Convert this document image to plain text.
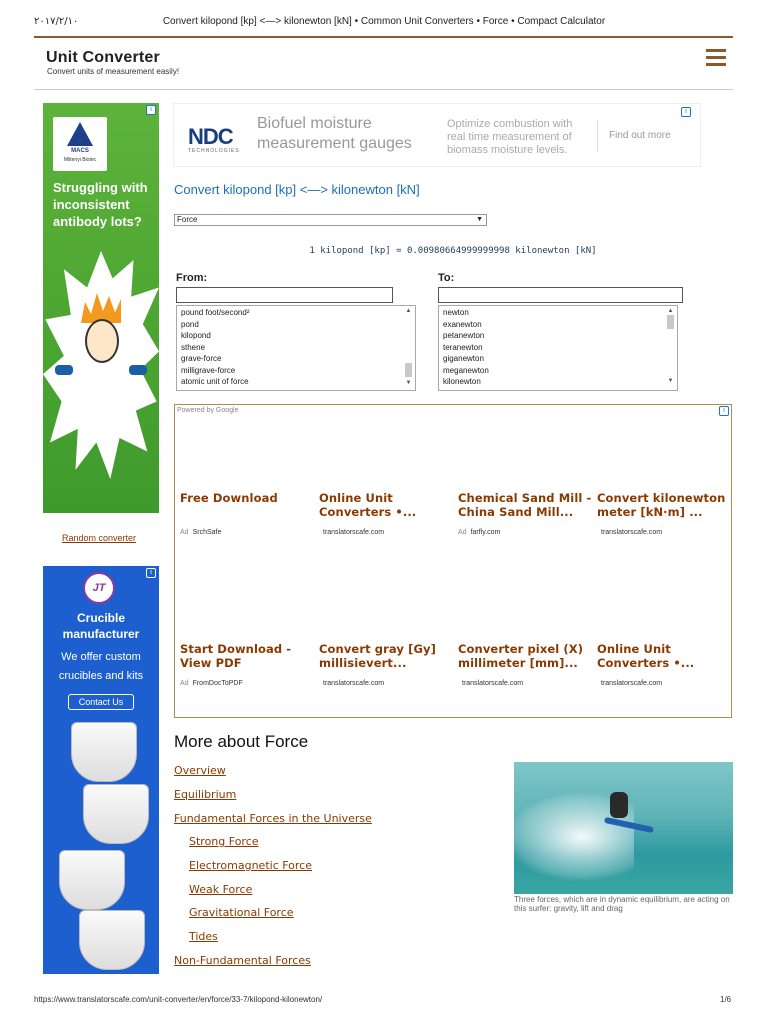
٢٠١٧/٢/١٠	Convert kilopond [kp] <—> kilonewton [kN] • Common Unit Converters • Force • Compact Calculator
Unit Converter
Convert units of measurement easily!
i
MACS
Miltenyi Biotec
Struggling with inconsistent antibody lots?
Random converter
i
JT
Crucible manufacturer
We offer custom crucibles and kits
Contact Us
NDC
TECHNOLOGIES
Biofuel moisture measurement gauges
Optimize combustion with real time measurement of biomass moisture levels.
Find out more
i
Convert kilopond [kp] <—> kilonewton [kN]
Force	▼
1 kilopond [kp] = 0.00980664999999998 kilonewton [kN]
From:	To:
pound foot/second²
pond
kilopond
sthene
grave-force
milligrave-force
atomic unit of force
▲
▼
newton
exanewton
petanewton
teranewton
giganewton
meganewton
kilonewton
▲
▼
Powered by Google	i
Free Download
Ad SrchSafe
Online Unit Converters •...
translatorscafe.com
Chemical Sand Mill - China Sand Mill...
Ad farfly.com
Convert kilonewton meter [kN·m] ...
translatorscafe.com
Start Download - View PDF
Ad FromDocToPDF
Convert gray [Gy] millisievert...
translatorscafe.com
Converter pixel (X) millimeter [mm]...
translatorscafe.com
Online Unit Converters •...
translatorscafe.com
More about Force
Overview
Equilibrium
Fundamental Forces in the Universe
Strong Force
Electromagnetic Force
Weak Force
Gravitational Force
Tides
Non-Fundamental Forces
Three forces, which are in dynamic equilibrium, are acting on this surfer: gravity, lift and drag
https://www.translatorscafe.com/unit-converter/en/force/33-7/kilopond-kilonewton/	1/6
